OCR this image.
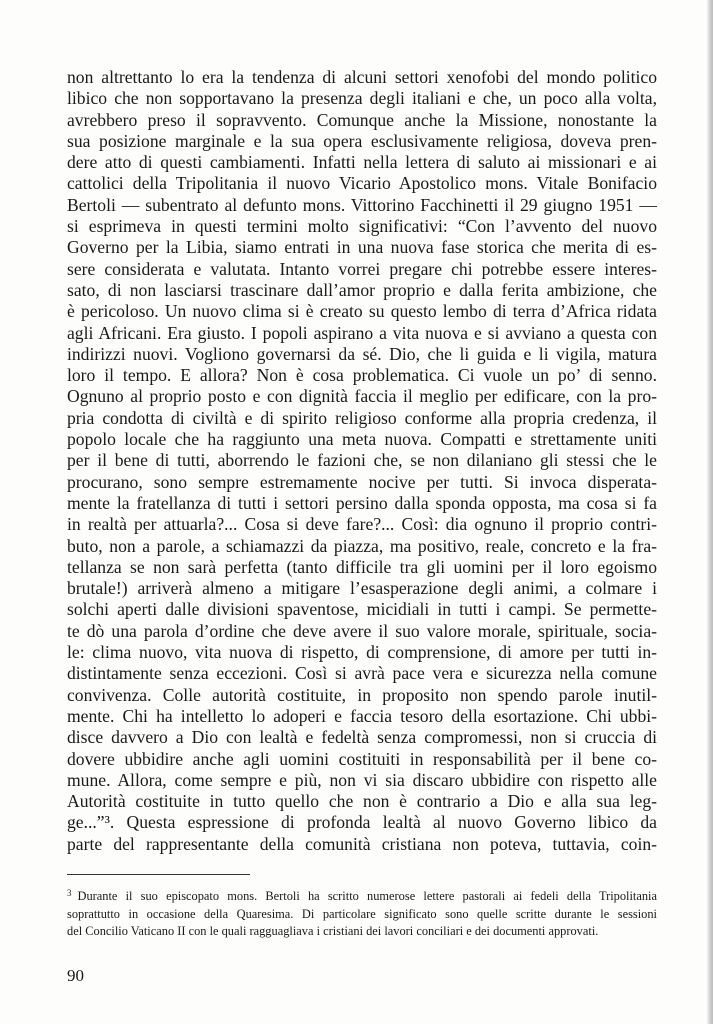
non altrettanto lo era la tendenza di alcuni settori xenofobi del mondo politico
libico che non sopportavano la presenza degli italiani e che, un poco alla volta,
avrebbero preso il sopravvento. Comunque anche la Missione, nonostante la
sua posizione marginale e la sua opera esclusivamente religiosa, doveva pren-
dere atto di questi cambiamenti. Infatti nella lettera di saluto ai missionari e ai
cattolici della Tripolitania il nuovo Vicario Apostolico mons. Vitale Bonifacio
Bertoli — subentrato al defunto mons. Vittorino Facchinetti il 29 giugno 1951 —
si esprimeva in questi termini molto significativi: “Con l’avvento del nuovo
Governo per la Libia, siamo entrati in una nuova fase storica che merita di es-
sere considerata e valutata. Intanto vorrei pregare chi potrebbe essere interes-
sato, di non lasciarsi trascinare dall’amor proprio e dalla ferita ambizione, che
è pericoloso. Un nuovo clima si è creato su questo lembo di terra d’Africa ridata
agli Africani. Era giusto. I popoli aspirano a vita nuova e si avviano a questa con
indirizzi nuovi. Vogliono governarsi da sé. Dio, che li guida e li vigila, matura
loro il tempo. E allora? Non è cosa problematica. Ci vuole un po’ di senno.
Ognuno al proprio posto e con dignità faccia il meglio per edificare, con la pro-
pria condotta di civiltà e di spirito religioso conforme alla propria credenza, il
popolo locale che ha raggiunto una meta nuova. Compatti e strettamente uniti
per il bene di tutti, aborrendo le fazioni che, se non dilaniano gli stessi che le
procurano, sono sempre estremamente nocive per tutti. Si invoca disperata-
mente la fratellanza di tutti i settori persino dalla sponda opposta, ma cosa si fa
in realtà per attuarla?... Cosa si deve fare?... Così: dia ognuno il proprio contri-
buto, non a parole, a schiamazzi da piazza, ma positivo, reale, concreto e la fra-
tellanza se non sarà perfetta (tanto difficile tra gli uomini per il loro egoismo
brutale!) arriverà almeno a mitigare l’esasperazione degli animi, a colmare i
solchi aperti dalle divisioni spaventose, micidiali in tutti i campi. Se permette-
te dò una parola d’ordine che deve avere il suo valore morale, spirituale, socia-
le: clima nuovo, vita nuova di rispetto, di comprensione, di amore per tutti in-
distintamente senza eccezioni. Così si avrà pace vera e sicurezza nella comune
convivenza. Colle autorità costituite, in proposito non spendo parole inutil-
mente. Chi ha intelletto lo adoperi e faccia tesoro della esortazione. Chi ubbi-
disce davvero a Dio con lealtà e fedeltà senza compromessi, non si cruccia di
dovere ubbidire anche agli uomini costituiti in responsabilità per il bene co-
mune. Allora, come sempre e più, non vi sia discaro ubbidire con rispetto alle
Autorità costituite in tutto quello che non è contrario a Dio e alla sua leg-
ge...”³. Questa espressione di profonda lealtà al nuovo Governo libico da
parte del rappresentante della comunità cristiana non poteva, tuttavia, coin-
$^3$ Durante il suo episcopato mons. Bertoli ha scritto numerose lettere pastorali ai fedeli della Tripolitania
soprattutto in occasione della Quaresima. Di particolare significato sono quelle scritte durante le sessioni
del Concilio Vaticano II con le quali ragguagliava i cristiani dei lavori conciliari e dei documenti approvati.
90
